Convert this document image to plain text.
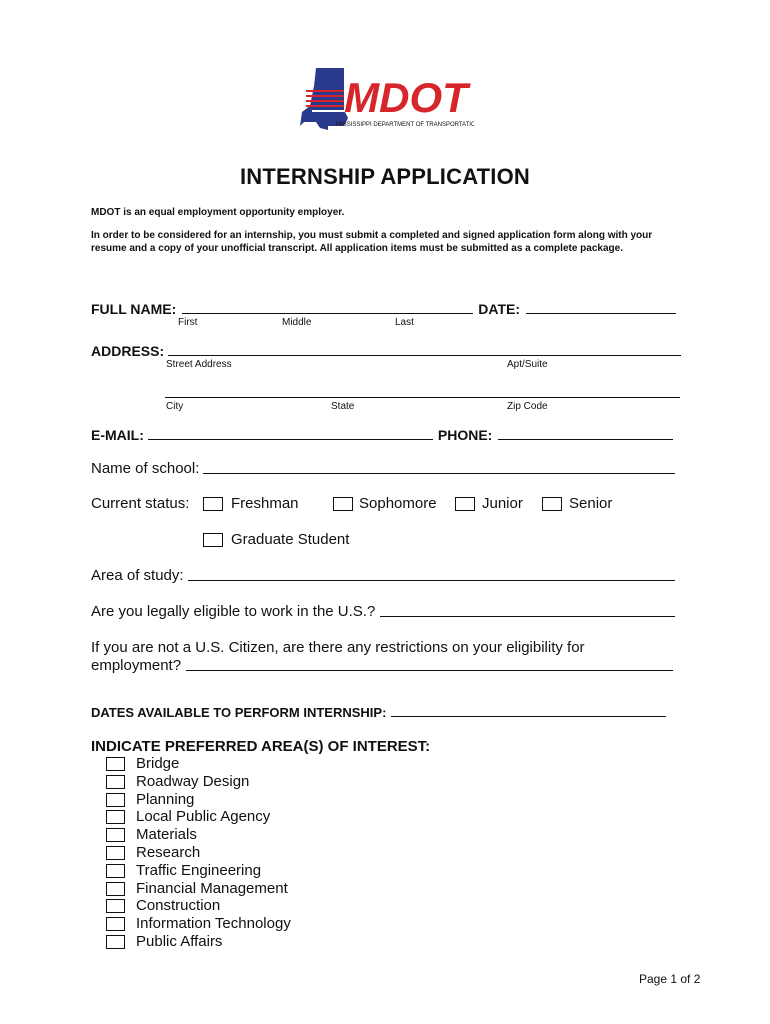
MDOT
MISSISSIPPI DEPARTMENT OF TRANSPORTATION
INTERNSHIP APPLICATION
MDOT is an equal employment opportunity employer.
In order to be considered for an internship, you must submit a completed and signed application form along with your
resume and a copy of your unofficial transcript. All application items must be submitted as a complete package.
FULL NAME:	DATE:
First	Middle	Last
ADDRESS:
Street Address	Apt/Suite
City	State	Zip Code
E-MAIL:	PHONE:
Name of school:
Current status:	Freshman	Sophomore	Junior	Senior
Graduate Student
Area of study:
Are you legally eligible to work in the U.S.?
If you are not a U.S. Citizen, are there any restrictions on your eligibility for
employment?
DATES AVAILABLE TO PERFORM INTERNSHIP:
INDICATE PREFERRED AREA(S) OF INTEREST:
Bridge
Roadway Design
Planning
Local Public Agency
Materials
Research
Traffic Engineering
Financial Management
Construction
Information Technology
Public Affairs
Page 1 of 2
